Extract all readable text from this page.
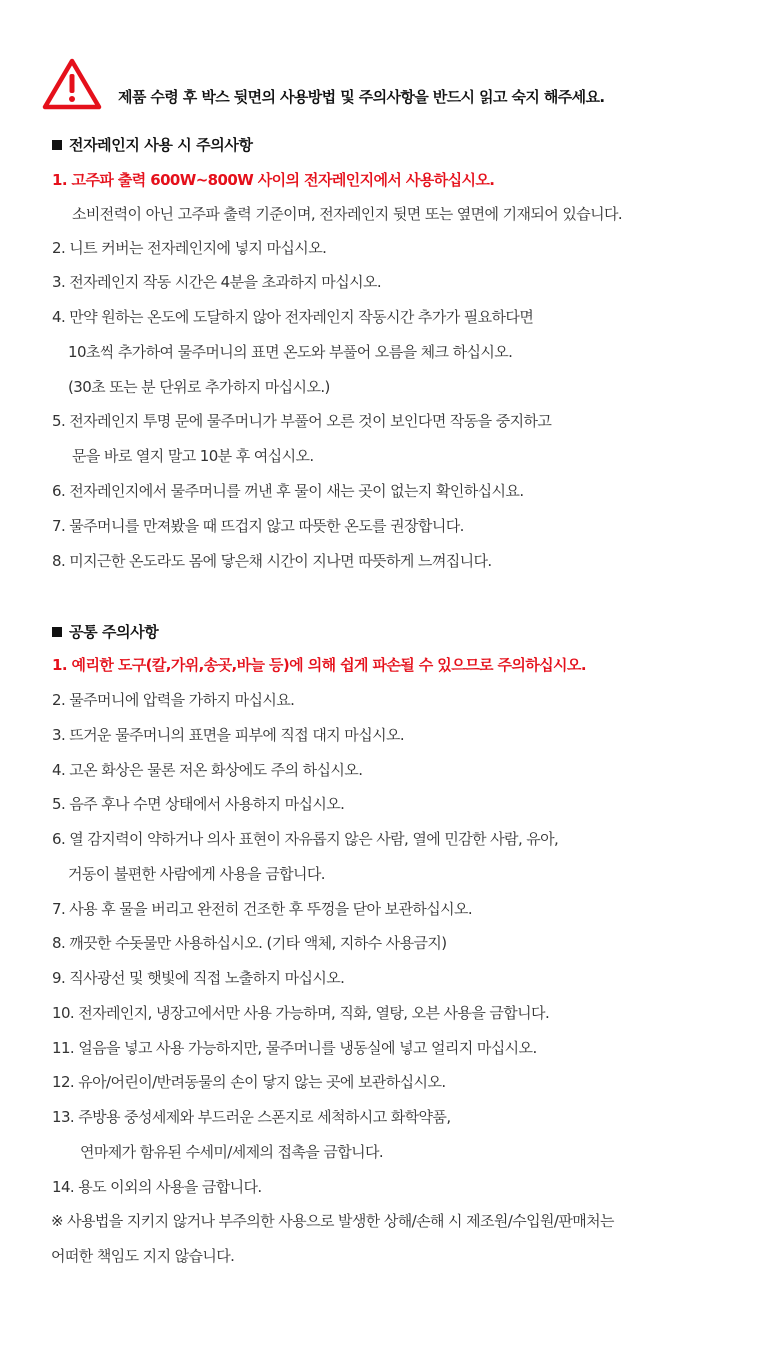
제품 수령 후 박스 뒷면의 사용방법 및 주의사항을 반드시 읽고 숙지 해주세요.
전자레인지 사용 시 주의사항
1. 고주파 출력 600W~800W 사이의 전자레인지에서 사용하십시오.
소비전력이 아닌 고주파 출력 기준이며, 전자레인지 뒷면 또는 옆면에 기재되어 있습니다.
2. 니트 커버는 전자레인지에 넣지 마십시오.
3. 전자레인지 작동 시간은 4분을 초과하지 마십시오.
4. 만약 원하는 온도에 도달하지 않아 전자레인지 작동시간 추가가 필요하다면
10초씩 추가하여 물주머니의 표면 온도와 부풀어 오름을 체크 하십시오.
(30초 또는 분 단위로 추가하지 마십시오.)
5. 전자레인지 투명 문에 물주머니가 부풀어 오른 것이 보인다면 작동을 중지하고
문을 바로 열지 말고 10분 후 여십시오.
6. 전자레인지에서 물주머니를 꺼낸 후 물이 새는 곳이 없는지 확인하십시요.
7. 물주머니를 만져봤을 때 뜨겁지 않고 따뜻한 온도를 권장합니다.
8. 미지근한 온도라도 몸에 닿은채 시간이 지나면 따뜻하게 느껴집니다.
공통 주의사항
1. 예리한 도구(칼,가위,송곳,바늘 등)에 의해 쉽게 파손될 수 있으므로 주의하십시오.
2. 물주머니에 압력을 가하지 마십시요.
3. 뜨거운 물주머니의 표면을 피부에 직접 대지 마십시오.
4. 고온 화상은 물론 저온 화상에도 주의 하십시오.
5. 음주 후나 수면 상태에서 사용하지 마십시오.
6. 열 감지력이 약하거나 의사 표현이 자유롭지 않은 사람, 열에 민감한 사람, 유아,
거동이 불편한 사람에게 사용을 금합니다.
7. 사용 후 물을 버리고 완전히 건조한 후 뚜껑을 닫아 보관하십시오.
8. 깨끗한 수돗물만 사용하십시오. (기타 액체, 지하수 사용금지)
9. 직사광선 및 햇빛에 직접 노출하지 마십시오.
10. 전자레인지, 냉장고에서만 사용 가능하며, 직화, 열탕, 오븐 사용을 금합니다.
11. 얼음을 넣고 사용 가능하지만, 물주머니를 냉동실에 넣고 얼리지 마십시오.
12. 유아/어린이/반려동물의 손이 닿지 않는 곳에 보관하십시오.
13. 주방용 중성세제와 부드러운 스폰지로 세척하시고 화학약품,
연마제가 함유된 수세미/세제의 접촉을 금합니다.
14. 용도 이외의 사용을 금합니다.
※ 사용법을 지키지 않거나 부주의한 사용으로 발생한 상해/손해 시 제조원/수입원/판매처는
어떠한 책임도 지지 않습니다.
